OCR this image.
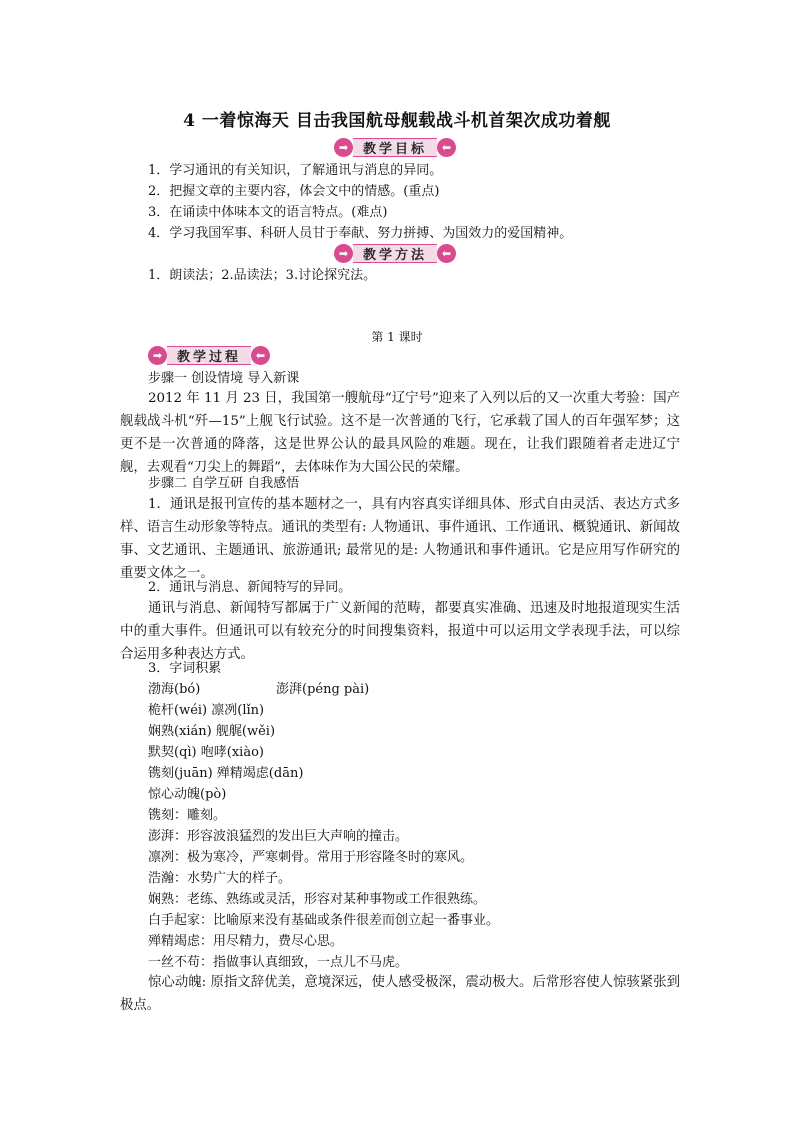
4 一着惊海天 目击我国航母舰载战斗机首架次成功着舰
➡	教学目标	⬅
1．学习通讯的有关知识，了解通讯与消息的异同。
2．把握文章的主要内容，体会文中的情感。(重点)
3．在诵读中体味本文的语言特点。(难点)
4．学习我国军事、科研人员甘于奉献、努力拼搏、为国效力的爱国精神。
➡	教学方法	⬅
1．朗读法；2.品读法；3.讨论探究法。
第 1 课时
➡	教学过程	⬅
步骤一 创设情境 导入新课
2012 年 11 月 23 日，我国第一艘航母“辽宁号”迎来了入列以后的又一次重大考验：国产舰载战斗机“歼—15”上舰飞行试验。这不是一次普通的飞行，它承载了国人的百年强军梦；这更不是一次普通的降落，这是世界公认的最具风险的难题。现在，让我们跟随着者走进辽宁舰，去观看“刀尖上的舞蹈”，去体味作为大国公民的荣耀。
步骤二 自学互研 自我感悟
1．通讯是报刊宣传的基本题材之一，具有内容真实详细具体、形式自由灵活、表达方式多样、语言生动形象等特点。通讯的类型有: 人物通讯、事件通讯、工作通讯、概貌通讯、新闻故事、文艺通讯、主题通讯、旅游通讯; 最常见的是: 人物通讯和事件通讯。它是应用写作研究的重要文体之一。
2．通讯与消息、新闻特写的异同。
通讯与消息、新闻特写都属于广义新闻的范畴，都要真实准确、迅速及时地报道现实生活中的重大事件。但通讯可以有较充分的时间搜集资料，报道中可以运用文学表现手法，可以综合运用多种表达方式。
3．字词积累
渤海(bó)	澎湃(péng pài)
桅杆(wéi) 凛冽(lǐn)
娴熟(xián) 舰艉(wěi)
默契(qì) 咆哮(xiào)
镌刻(juān) 殚精竭虑(dān)
惊心动魄(pò)
镌刻：雕刻。
澎湃：形容波浪猛烈的发出巨大声响的撞击。
凛冽：极为寒冷，严寒刺骨。常用于形容隆冬时的寒风。
浩瀚：水势广大的样子。
娴熟：老练、熟练或灵活，形容对某种事物或工作很熟练。
白手起家：比喻原来没有基础或条件很差而创立起一番事业。
殚精竭虑：用尽精力，费尽心思。
一丝不苟：指做事认真细致，一点儿不马虎。
惊心动魄: 原指文辞优美，意境深远，使人感受极深，震动极大。后常形容使人惊骇紧张到极点。
